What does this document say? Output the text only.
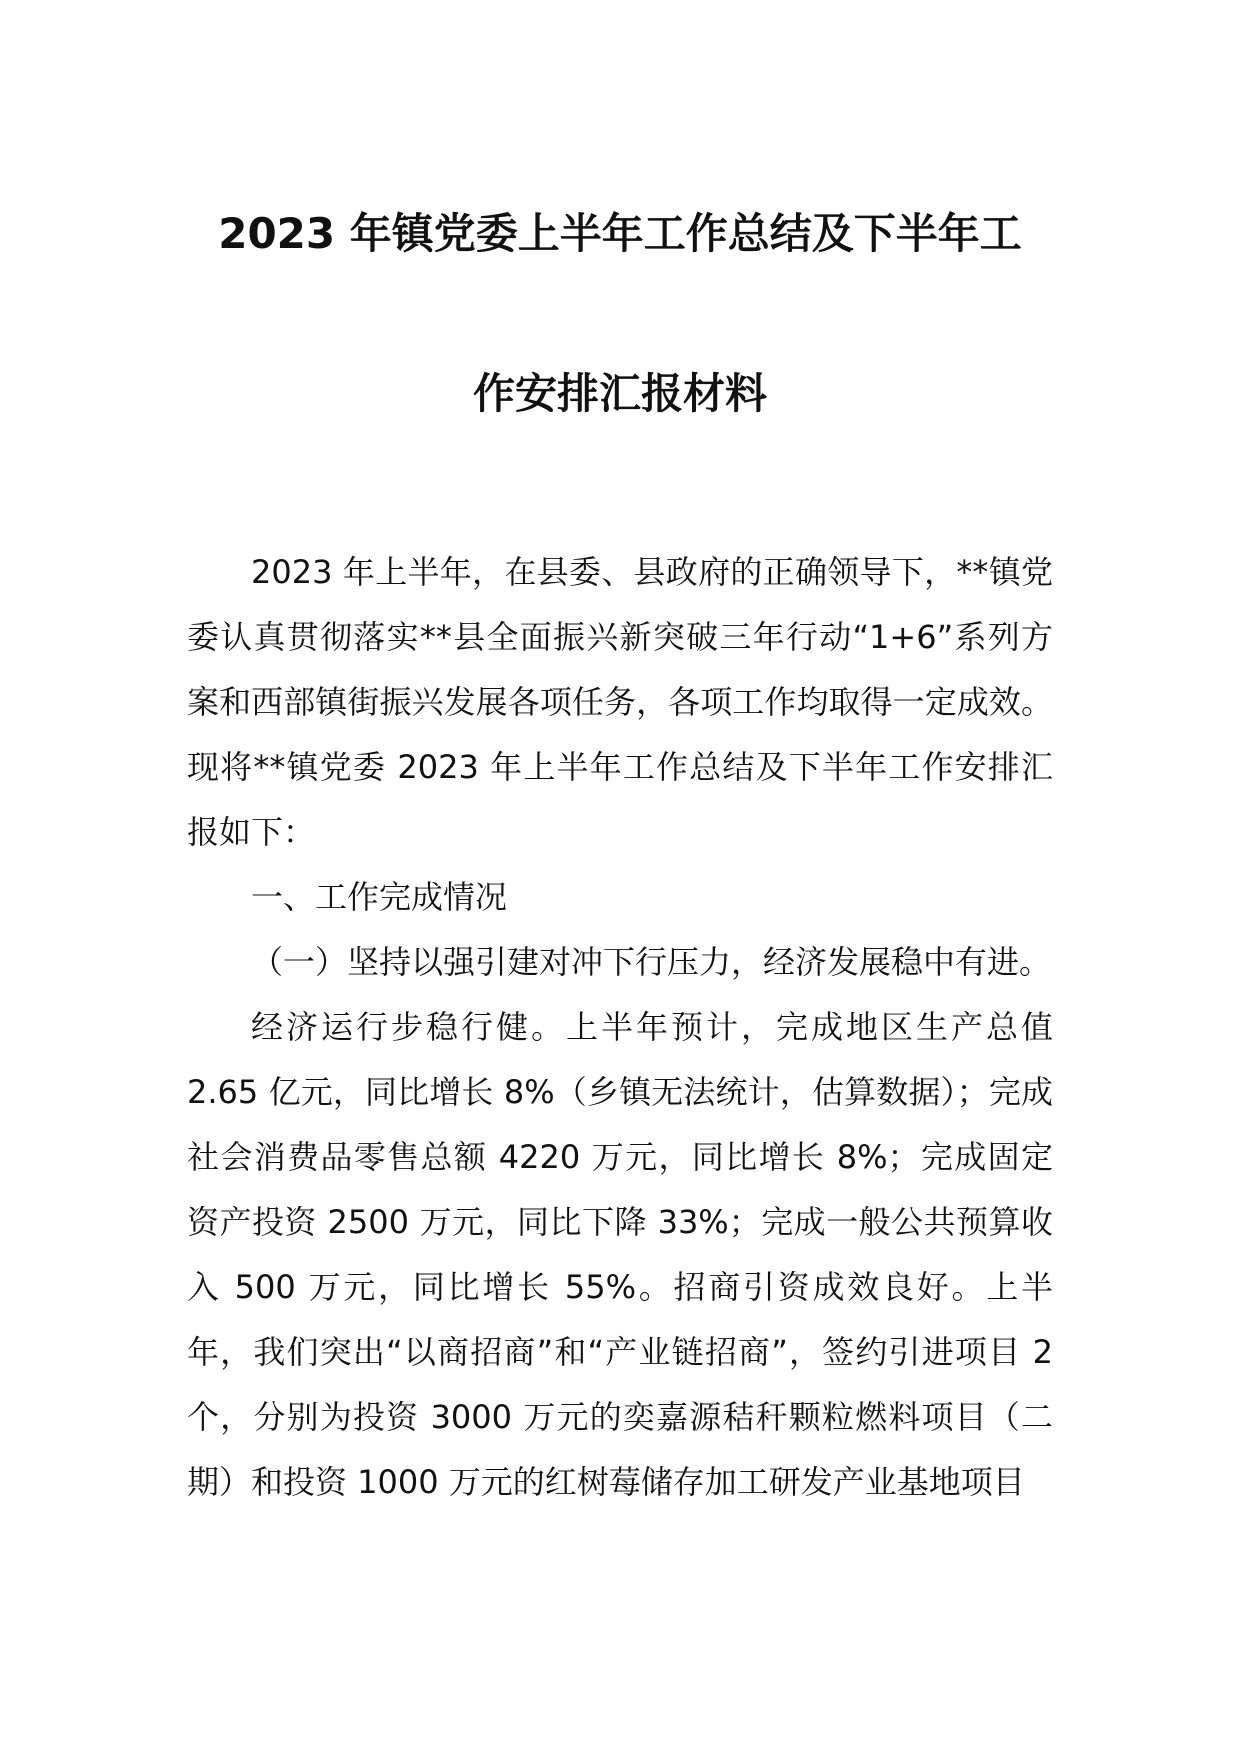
2023 年镇党委上半年工作总结及下半年工
作安排汇报材料

2023 年上半年，在县委、县政府的正确领导下，**镇党委认真贯彻落实**县全面振兴新突破三年行动“1+6”系列方案和西部镇街振兴发展各项任务，各项工作均取得一定成效。现将**镇党委 2023 年上半年工作总结及下半年工作安排汇报如下：

一、工作完成情况

（一）坚持以强引建对冲下行压力，经济发展稳中有进。

经济运行步稳行健。上半年预计，完成地区生产总值 2.65 亿元，同比增长 8%（乡镇无法统计，估算数据）；完成社会消费品零售总额 4220 万元，同比增长 8%；完成固定资产投资 2500 万元，同比下降 33%；完成一般公共预算收入 500 万元，同比增长 55%。招商引资成效良好。上半年，我们突出“以商招商”和“产业链招商”，签约引进项目 2 个，分别为投资 3000 万元的奕嘉源秸秆颗粒燃料项目（二期）和投资 1000 万元的红树莓储存加工研发产业基地项目
